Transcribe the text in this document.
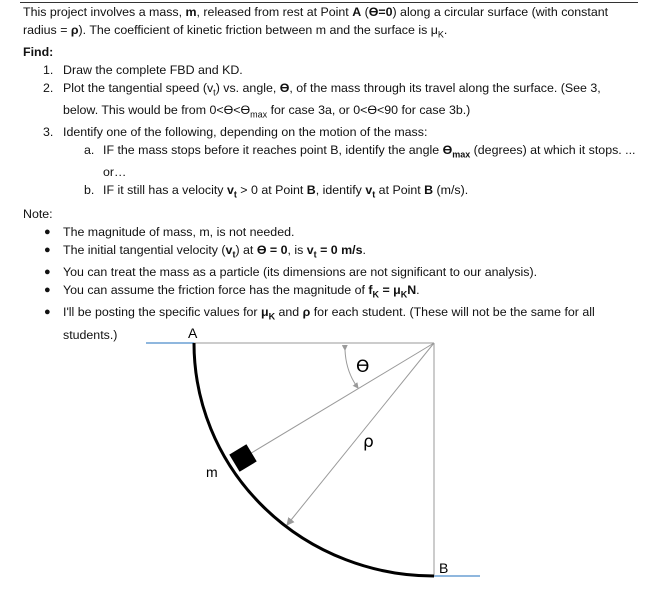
This project involves a mass, m, released from rest at Point A (ϴ=0) along a circular surface (with constant radius = ρ). The coefficient of kinetic friction between m and the surface is $\mu_K$.

Find:

1. Draw the complete FBD and KD.
2. Plot the tangential speed $(v_t)$ vs. angle, ϴ, of the mass through its travel along the surface. (See 3, below. This would be from $0<ϴ<ϴ_{max}$ for case 3a, or 0<ϴ<90 for case 3b.)
3. Identify one of the following, depending on the motion of the mass:
a. IF the mass stops before it reaches point B, identify the angle $ϴ_{max}$ (degrees) at which it stops. ... or…
b. IF it still has a velocity $v_t > 0$ at Point B, identify $v_t$ at Point B (m/s).

Note:

● The magnitude of mass, m, is not needed.
● The initial tangential velocity $(v_t)$ at ϴ = 0, is $v_t = 0$ m/s.
● You can treat the mass as a particle (its dimensions are not significant to our analysis).
● You can assume the friction force has the magnitude of $f_K = \mu_KN$.
● I'll be posting the specific values for $\mu_K$ and ρ for each student. (These will not be the same for all students.)	A
B
ϴ
ρ
m
